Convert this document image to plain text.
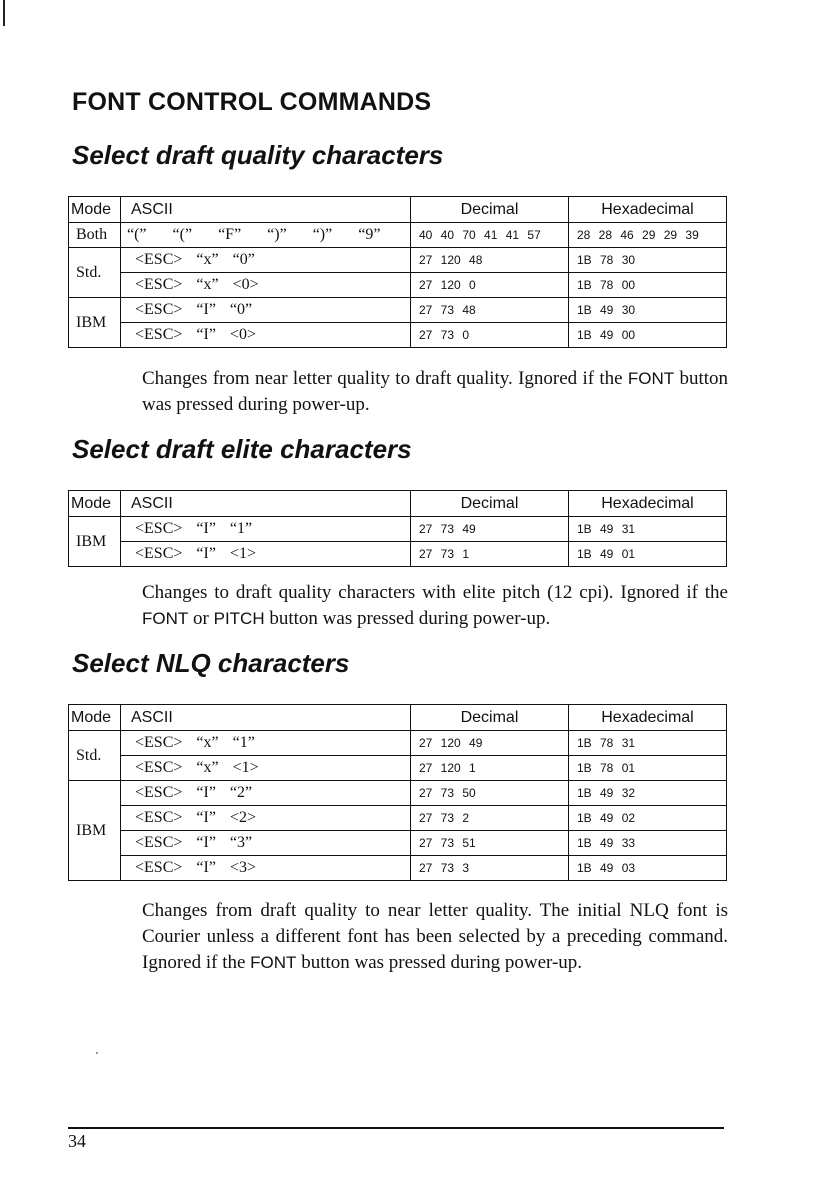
FONT CONTROL COMMANDS
Select draft quality characters
Mode	ASCII	Decimal	Hexadecimal
Both	“(” “(” “F” “)” “)” “9”	40 40 70 41 41 57	28 28 46 29 29 39
Std.	<ESC> “x” “0”	27 120 48	1B 78 30
	<ESC> “x” <0>	27 120 0	1B 78 00
IBM	<ESC> “I” “0”	27 73 48	1B 49 30
	<ESC> “I” <0>	27 73 0	1B 49 00

Changes from near letter quality to draft quality. Ignored if the FONT button was pressed during power-up.

Select draft elite characters
Mode	ASCII	Decimal	Hexadecimal
IBM	<ESC> “I” “1”	27 73 49	1B 49 31
	<ESC> “I” <1>	27 73 1	1B 49 01

Changes to draft quality characters with elite pitch (12 cpi). Ignored if the FONT or PITCH button was pressed during power-up.

Select NLQ characters
Mode	ASCII	Decimal	Hexadecimal
Std.	<ESC> “x” “1”	27 120 49	1B 78 31
	<ESC> “x” <1>	27 120 1	1B 78 01
IBM	<ESC> “I” “2”	27 73 50	1B 49 32
	<ESC> “I” <2>	27 73 2	1B 49 02
	<ESC> “I” “3”	27 73 51	1B 49 33
	<ESC> “I” <3>	27 73 3	1B 49 03

Changes from draft quality to near letter quality. The initial NLQ font is Courier unless a different font has been selected by a preceding command. Ignored if the FONT button was pressed during power-up.

34
